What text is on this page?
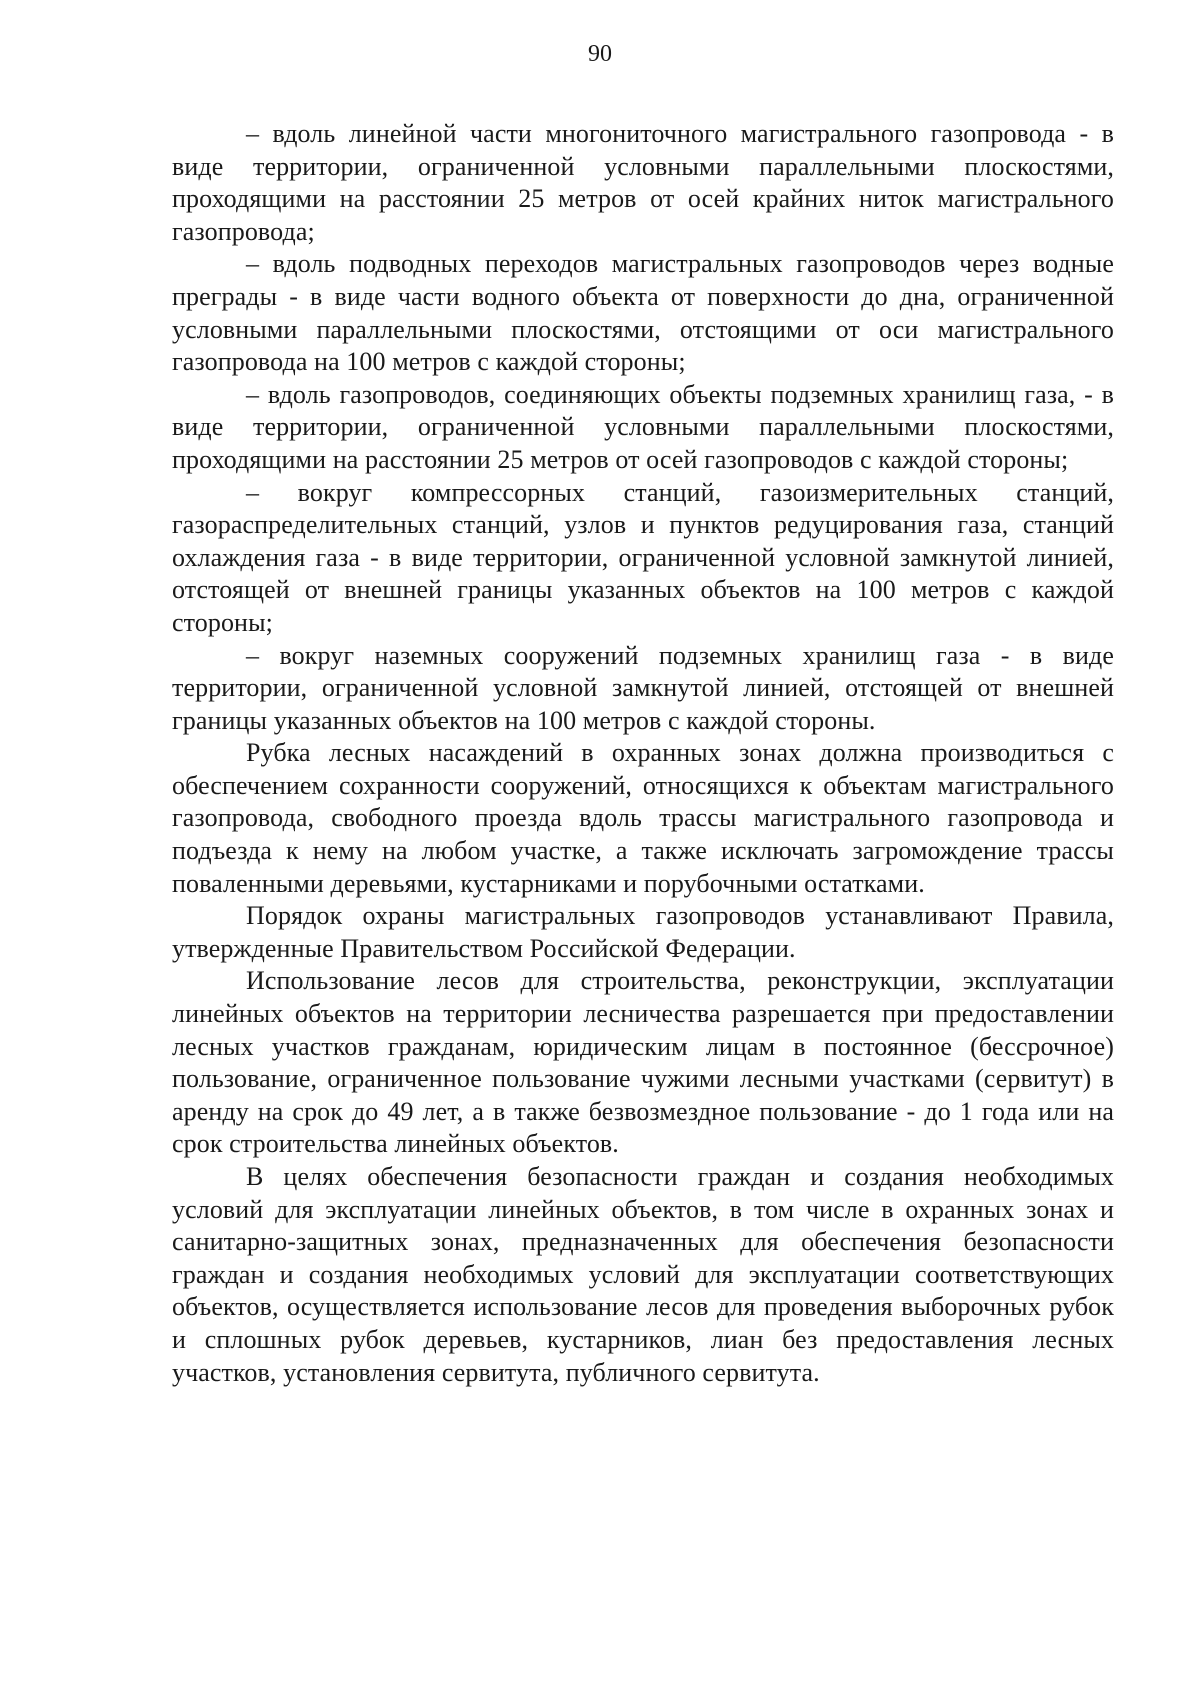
90

– вдоль линейной части многониточного магистрального газопровода - в виде территории, ограниченной условными параллельными плоскостями, проходящими на расстоянии 25 метров от осей крайних ниток магистрального газопровода;

– вдоль подводных переходов магистральных газопроводов через водные преграды - в виде части водного объекта от поверхности до дна, ограниченной условными параллельными плоскостями, отстоящими от оси магистрального газопровода на 100 метров с каждой стороны;

– вдоль газопроводов, соединяющих объекты подземных хранилищ газа, - в виде территории, ограниченной условными параллельными плоскостями, проходящими на расстоянии 25 метров от осей газопроводов с каждой стороны;

– вокруг компрессорных станций, газоизмерительных станций, газораспределительных станций, узлов и пунктов редуцирования газа, станций охлаждения газа - в виде территории, ограниченной условной замкнутой линией, отстоящей от внешней границы указанных объектов на 100 метров с каждой стороны;

– вокруг наземных сооружений подземных хранилищ газа - в виде территории, ограниченной условной замкнутой линией, отстоящей от внешней границы указанных объектов на 100 метров с каждой стороны.

Рубка лесных насаждений в охранных зонах должна производиться с обеспечением сохранности сооружений, относящихся к объектам магистрального газопровода, свободного проезда вдоль трассы магистрального газопровода и подъезда к нему на любом участке, а также исключать загромождение трассы поваленными деревьями, кустарниками и порубочными остатками.

Порядок охраны магистральных газопроводов устанавливают Правила, утвержденные Правительством Российской Федерации.

Использование лесов для строительства, реконструкции, эксплуатации линейных объектов на территории лесничества разрешается при предоставлении лесных участков гражданам, юридическим лицам в постоянное (бессрочное) пользование, ограниченное пользование чужими лесными участками (сервитут) в аренду на срок до 49 лет, а в также безвозмездное пользование - до 1 года или на срок строительства линейных объектов.

В целях обеспечения безопасности граждан и создания необходимых условий для эксплуатации линейных объектов, в том числе в охранных зонах и санитарно-защитных зонах, предназначенных для обеспечения безопасности граждан и создания необходимых условий для эксплуатации соответствующих объектов, осуществляется использование лесов для проведения выборочных рубок и сплошных рубок деревьев, кустарников, лиан без предоставления лесных участков, установления сервитута, публичного сервитута.
